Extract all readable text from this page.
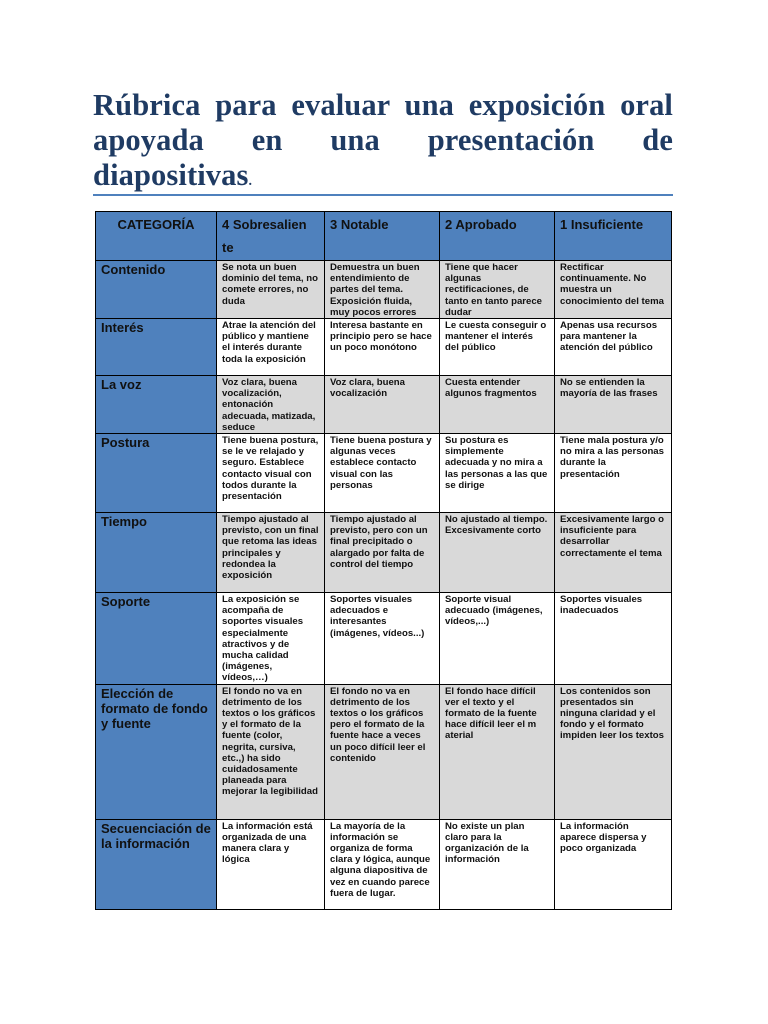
Rúbrica para evaluar una exposición oral apoyada en una presentación de diapositivas.
CATEGORÍA	4 Sobresalien te	3 Notable	2 Aprobado	1 Insuficiente
Contenido	Se nota un buen dominio del tema, no comete errores, no duda	Demuestra un buen entendimiento de partes del tema. Exposición fluida, muy pocos errores	Tiene que hacer algunas rectificaciones, de tanto en tanto parece dudar	Rectificar continuamente. No muestra un conocimiento del tema
Interés	Atrae la atención del público y mantiene el interés durante toda la exposición	Interesa bastante en principio pero se hace un poco monótono	Le cuesta conseguir o mantener el interés del público	Apenas usa recursos para mantener la atención del público
La voz	Voz clara, buena vocalización, entonación adecuada, matizada, seduce	Voz clara, buena vocalización	Cuesta entender algunos fragmentos	No se entienden la mayoría de las frases
Postura	Tiene buena postura, se le ve relajado y seguro. Establece contacto visual con todos durante la presentación	Tiene buena postura y algunas veces establece contacto visual con las personas	Su postura es simplemente adecuada y no mira a las personas a las que se dirige	Tiene mala postura y/o no mira a las personas durante la presentación
Tiempo	Tiempo ajustado al previsto, con un final que retoma las ideas principales y redondea la exposición	Tiempo ajustado al previsto, pero con un final precipitado o alargado por falta de control del tiempo	No ajustado al tiempo. Excesivamente corto	Excesivamente largo o insuficiente para desarrollar correctamente el tema
Soporte	La exposición se acompaña de soportes visuales especialmente atractivos y de mucha calidad (imágenes, vídeos,…)	Soportes visuales adecuados e interesantes (imágenes, vídeos...)	Soporte visual adecuado (imágenes, vídeos,...)	Soportes visuales inadecuados
Elección de formato de fondo y fuente	El fondo no va en detrimento de los textos o los gráficos y el formato de la fuente (color, negrita, cursiva, etc.,) ha sido cuidadosamente planeada para mejorar la legibilidad	El fondo no va en detrimento de los textos o los gráficos pero el formato de la fuente hace a veces un poco difícil leer el contenido	El fondo hace difícil ver el texto y el formato de la fuente hace difícil leer el m aterial	Los contenidos son presentados sin ninguna claridad y el fondo y el formato impiden leer los textos
Secuenciación de la información	La información está organizada de una manera clara y lógica	La mayoría de la información se organiza de forma clara y lógica, aunque alguna diapositiva de vez en cuando parece fuera de lugar.	No existe un plan claro para la organización de la información	La información aparece dispersa y poco organizada
